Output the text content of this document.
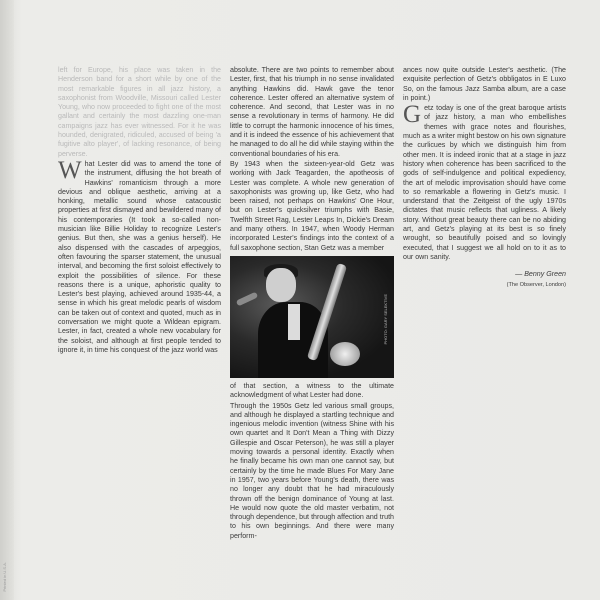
Printed in U.S.A.

left for Europe, his place was taken in the Henderson band for a short while by one of the most remarkable figures in all jazz history, a saxophonist from Woodville, Missouri called Lester Young, who now proceeded to fight one of the most gallant and certainly the most dazzling one-man campaigns jazz has ever witnessed. For it he was hounded, denigrated, ridiculed, accused of being 'a fugitive alto player', of lacking resonance, of being perverse.

What Lester did was to amend the tone of the instrument, diffusing the hot breath of Hawkins' romanticism through a more devious and oblique aesthetic, arriving at a honking, metallic sound whose catacoustic properties at first dismayed and bewildered many of his contemporaries (It took a so-called non-musician like Billie Holiday to recognize Lester's genius. But then, she was a genius herself). He also dispensed with the cascades of arpeggios, often favouring the sparser statement, the unusual interval, and becoming the first soloist effectively to exploit the possibilities of silence. For these reasons there is a unique, aphoristic quality to Lester's best playing, achieved around 1935-44, a sense in which his great melodic pearls of wisdom can be taken out of context and quoted, much as in conversation we might quote a Wildean epigram. Lester, in fact, created a whole new vocabulary for the soloist, and although at first people tended to ignore it, in time his conquest of the jazz world was

absolute. There are two points to remember about Lester, first, that his triumph in no sense invalidated anything Hawkins did. Hawk gave the tenor coherence. Lester offered an alternative system of coherence. And second, that Lester was in no sense a revolutionary in terms of harmony. He did little to corrupt the harmonic innocence of his times, and it is indeed the essence of his achievement that he managed to do all he did while staying within the conventional boundaries of his era.

By 1943 when the sixteen-year-old Getz was working with Jack Teagarden, the apotheosis of Lester was complete. A whole new generation of saxophonists was growing up, like Getz, who had been raised, not perhaps on Hawkins' One Hour, but on Lester's quicksilver triumphs with Basie, Twelfth Street Rag, Lester Leaps In, Dickie's Dream and many others. In 1947, when Woody Herman incorporated Lester's findings into the context of a full saxophone section, Stan Getz was a member

PHOTO: GARY SELEKTIVE

of that section, a witness to the ultimate acknowledgment of what Lester had done.

Through the 1950s Getz led various small groups, and although he displayed a startling technique and ingenious melodic invention (witness Shine with his own quartet and It Don't Mean a Thing with Dizzy Gillespie and Oscar Peterson), he was still a player moving towards a personal identity. Exactly when he finally became his own man one cannot say, but certainly by the time he made Blues For Mary Jane in 1957, two years before Young's death, there was no longer any doubt that he had miraculously thrown off the benign dominance of Young at last. He would now quote the old master verbatim, not through dependence, but through affection and truth to his own beginnings. And there were many perform-

ances now quite outside Lester's aesthetic. (The exquisite perfection of Getz's obbligatos in E Luxo So, on the famous Jazz Samba album, are a case in point.)

Getz today is one of the great baroque artists of jazz history, a man who embellishes themes with grace notes and flourishes, much as a writer might bestow on his own signature the curlicues by which we distinguish him from other men. It is indeed ironic that at a stage in jazz history when coherence has been sacrificed to the gods of self-indulgence and political expediency, the art of melodic improvisation should have come to so remarkable a flowering in Getz's music. I understand that the Zeitgeist of the ugly 1970s dictates that music reflects that ugliness. A likely story. Without great beauty there can be no abiding art, and Getz's playing at its best is so finely wrought, so beautifully poised and so lovingly executed, that I suggest we all hold on to it as to our own sanity.

— Benny Green
(The Observer, London)
